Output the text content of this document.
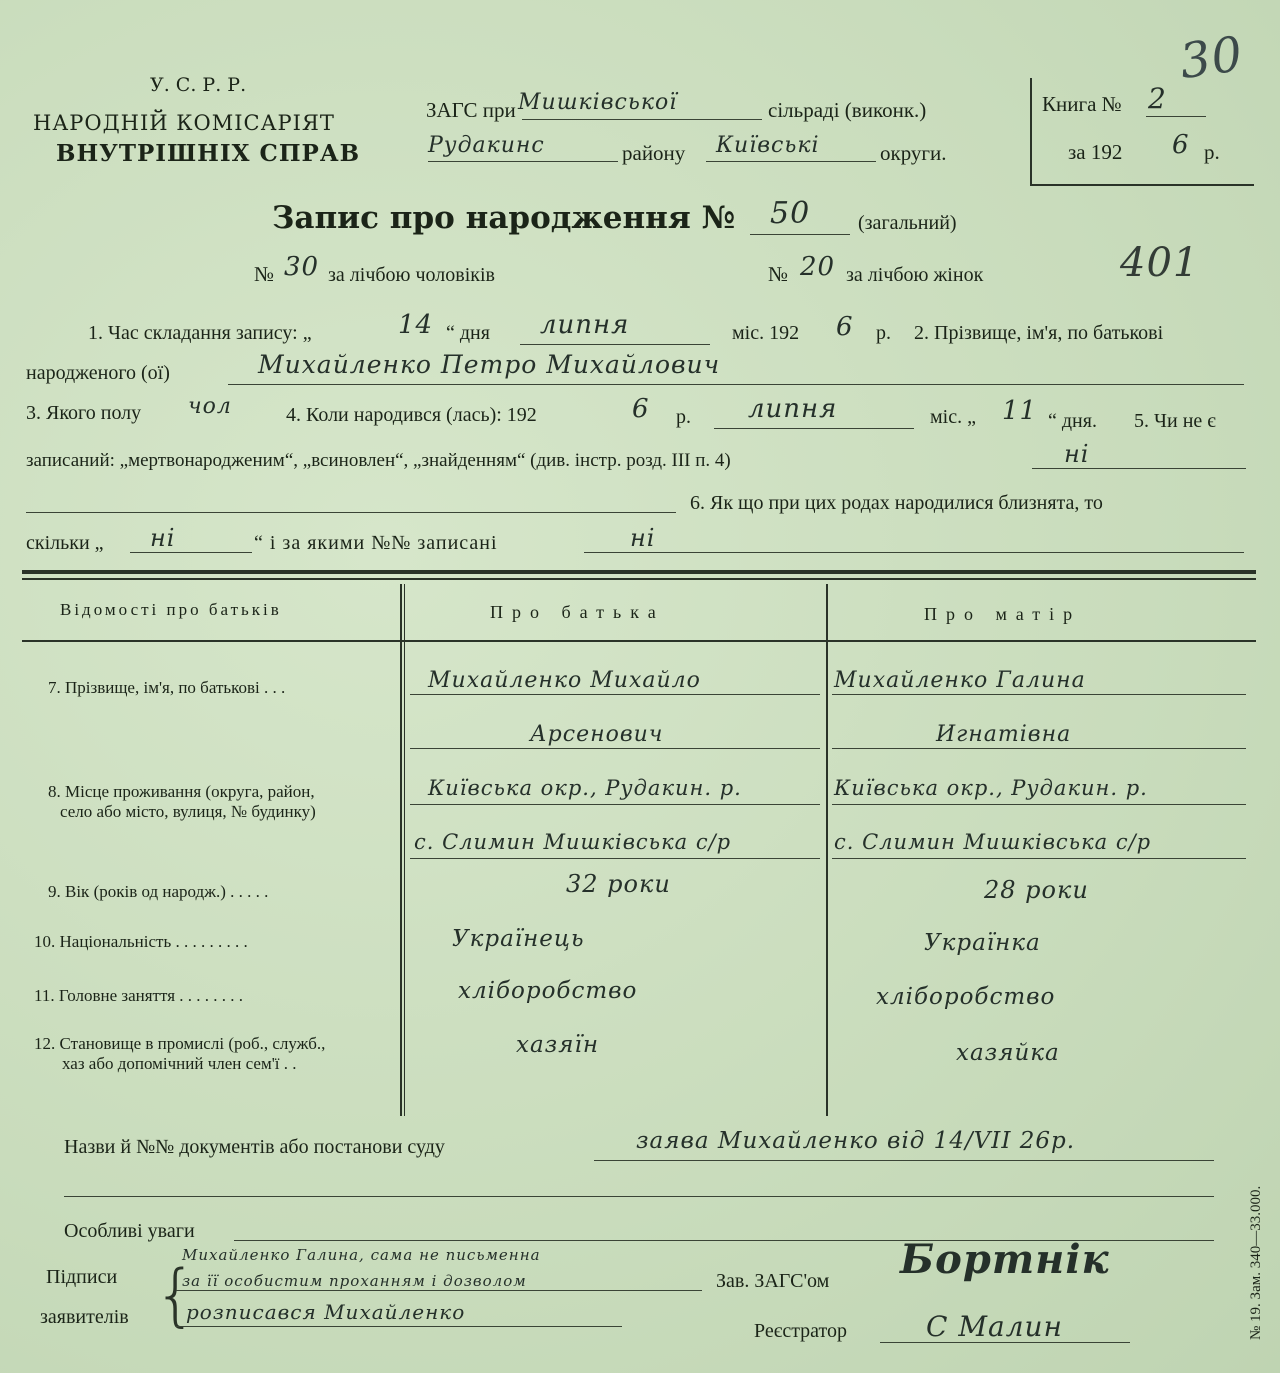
У. С. Р. Р.
НАРОДНІЙ КОМІСАРІЯТ
ВНУТРІШНІХ СПРАВ
ЗАГС при Мишківської	сільраді (виконк.)
Рудакинс	району Київські	округи.
Книга № 2
за 192 6 р.
30
Запис про народження № 50 (загальний)
№ 30 за лічбою чоловіків	№ 20 за лічбою жінок	401
1. Час складання запису: „	14 “ дня липня	міс. 192 6 р. 2. Прізвище, ім'я, по батькові
народженого (ої)	Михайленко Петро Михайлович
3. Якого полу чол	4. Коли народився (лась): 192	6 р. липня	міс. „ 11 “ дня. 5. Чи не є
записаний: „мертвонародженим“, „всиновлен“, „знайденням“ (див. інстр. розд. III п. 4)	ні
6. Як що при цих родах народилися близнята, то
скільки „ ні	“ і за якими №№ записані	ні
Відомості про батьків	Про батька	Про матір
7. Прізвище, ім'я, по батькові . . .	Михайленко Михайло	Михайленко Галина
Арсенович	Игнатівна
8. Місце проживання (округа, район,
село або місто, вулиця, № будинку)
Київська окр., Рудакин. р.	Київська окр., Рудакин. р.
с. Слимин Мишківська с/р	с. Слимин Мишківська с/р
9. Вік (років од народж.) . . . . .	32 роки	28 роки
10. Національність . . . . . . . . .	Українець	Українка
11. Головне заняття . . . . . . . .	хліборобство	хліборобство
12. Становище в промислі (роб., служб.,
хаз або допомічний член сем'ї . .
хазяїн	хазяйка
Назви й №№ документів або постанови суду	заява Михайленко від 14/VII 26р.
Особливі уваги
Підписи
заявителів {
Михайленко Галина, сама не письменна
за її особистим проханням і дозволом
розписався Михайленко
Зав. ЗАГС'ом Бортнік
Реєстратор	С Малин	№ 19. Зам. 340—33.000.
